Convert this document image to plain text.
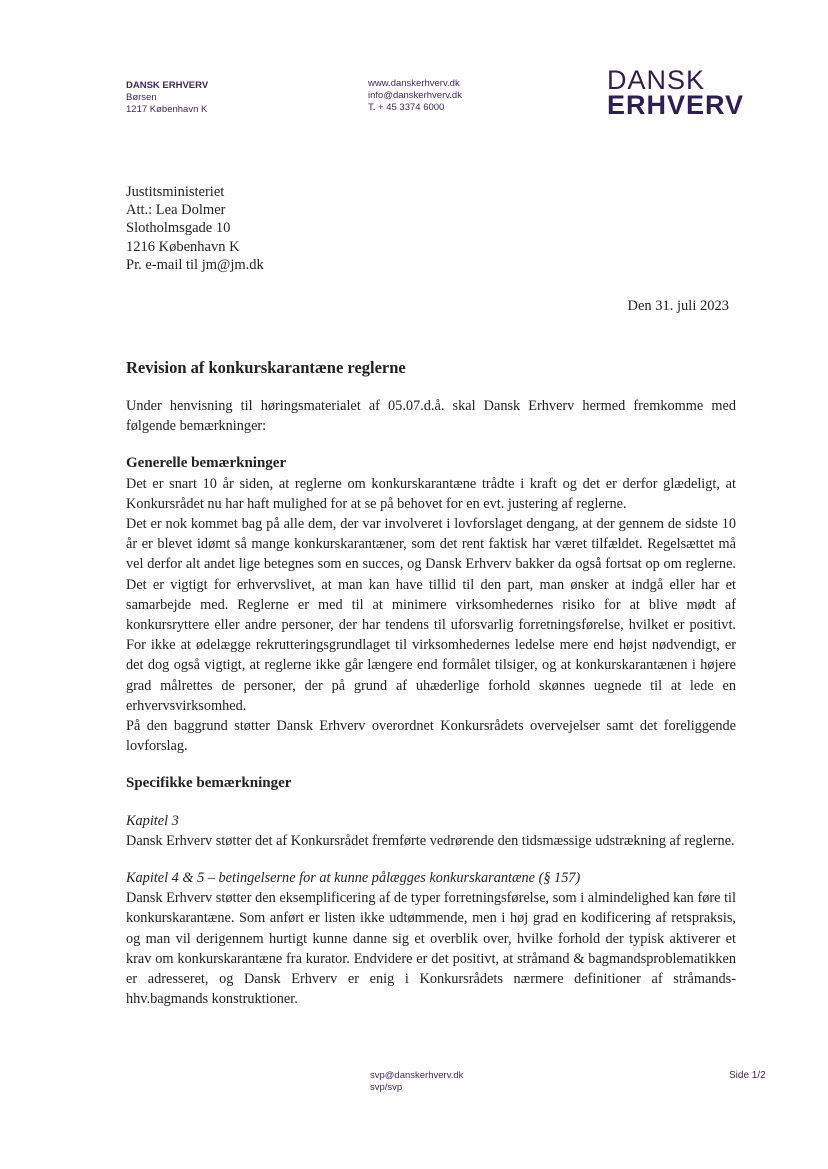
DANSK ERHVERV
Børsen
1217 København K
www.danskerhverv.dk
info@danskerhverv.dk
T. + 45 3374 6000
DANSK
ERHVERV
Justitsministeriet
Att.: Lea Dolmer
Slotholmsgade 10
1216 København K
Pr. e-mail til jm@jm.dk
Den 31. juli 2023
Revision af konkurskarantæne reglerne

Under henvisning til høringsmaterialet af 05.07.d.å. skal Dansk Erhverv hermed fremkomme med følgende bemærkninger:

Generelle bemærkninger

Det er snart 10 år siden, at reglerne om konkurskarantæne trådte i kraft og det er derfor glædeligt, at Konkursrådet nu har haft mulighed for at se på behovet for en evt. justering af reglerne.

Det er nok kommet bag på alle dem, der var involveret i lovforslaget dengang, at der gennem de sidste 10 år er blevet idømt så mange konkurskarantæner, som det rent faktisk har været tilfældet. Regelsættet må vel derfor alt andet lige betegnes som en succes, og Dansk Erhverv bakker da også fortsat op om reglerne. Det er vigtigt for erhvervslivet, at man kan have tillid til den part, man ønsker at indgå eller har et samarbejde med. Reglerne er med til at minimere virksomhedernes risiko for at blive mødt af konkursryttere eller andre personer, der har tendens til uforsvarlig forretningsførelse, hvilket er positivt. For ikke at ødelægge rekrutteringsgrundlaget til virksomhedernes ledelse mere end højst nødvendigt, er det dog også vigtigt, at reglerne ikke går længere end formålet tilsiger, og at konkurskarantænen i højere grad målrettes de personer, der på grund af uhæderlige forhold skønnes uegnede til at lede en erhvervsvirksomhed.

På den baggrund støtter Dansk Erhverv overordnet Konkursrådets overvejelser samt det foreliggende lovforslag.

Specifikke bemærkninger

Kapitel 3

Dansk Erhverv støtter det af Konkursrådet fremførte vedrørende den tidsmæssige udstrækning af reglerne.

Kapitel 4 & 5 – betingelserne for at kunne pålægges konkurskarantæne (§ 157)

Dansk Erhverv støtter den eksemplificering af de typer forretningsførelse, som i almindelighed kan føre til konkurskarantæne. Som anført er listen ikke udtømmende, men i høj grad en kodificering af retspraksis, og man vil derigennem hurtigt kunne danne sig et overblik over, hvilke forhold der typisk aktiverer et krav om konkurskarantæne fra kurator. Endvidere er det positivt, at stråmand & bagmandsproblematikken er adresseret, og Dansk Erhverv er enig i Konkursrådets nærmere definitioner af stråmands- hhv.bagmands konstruktioner.

svp@danskerhverv.dk
svp/svp
Side 1/2
